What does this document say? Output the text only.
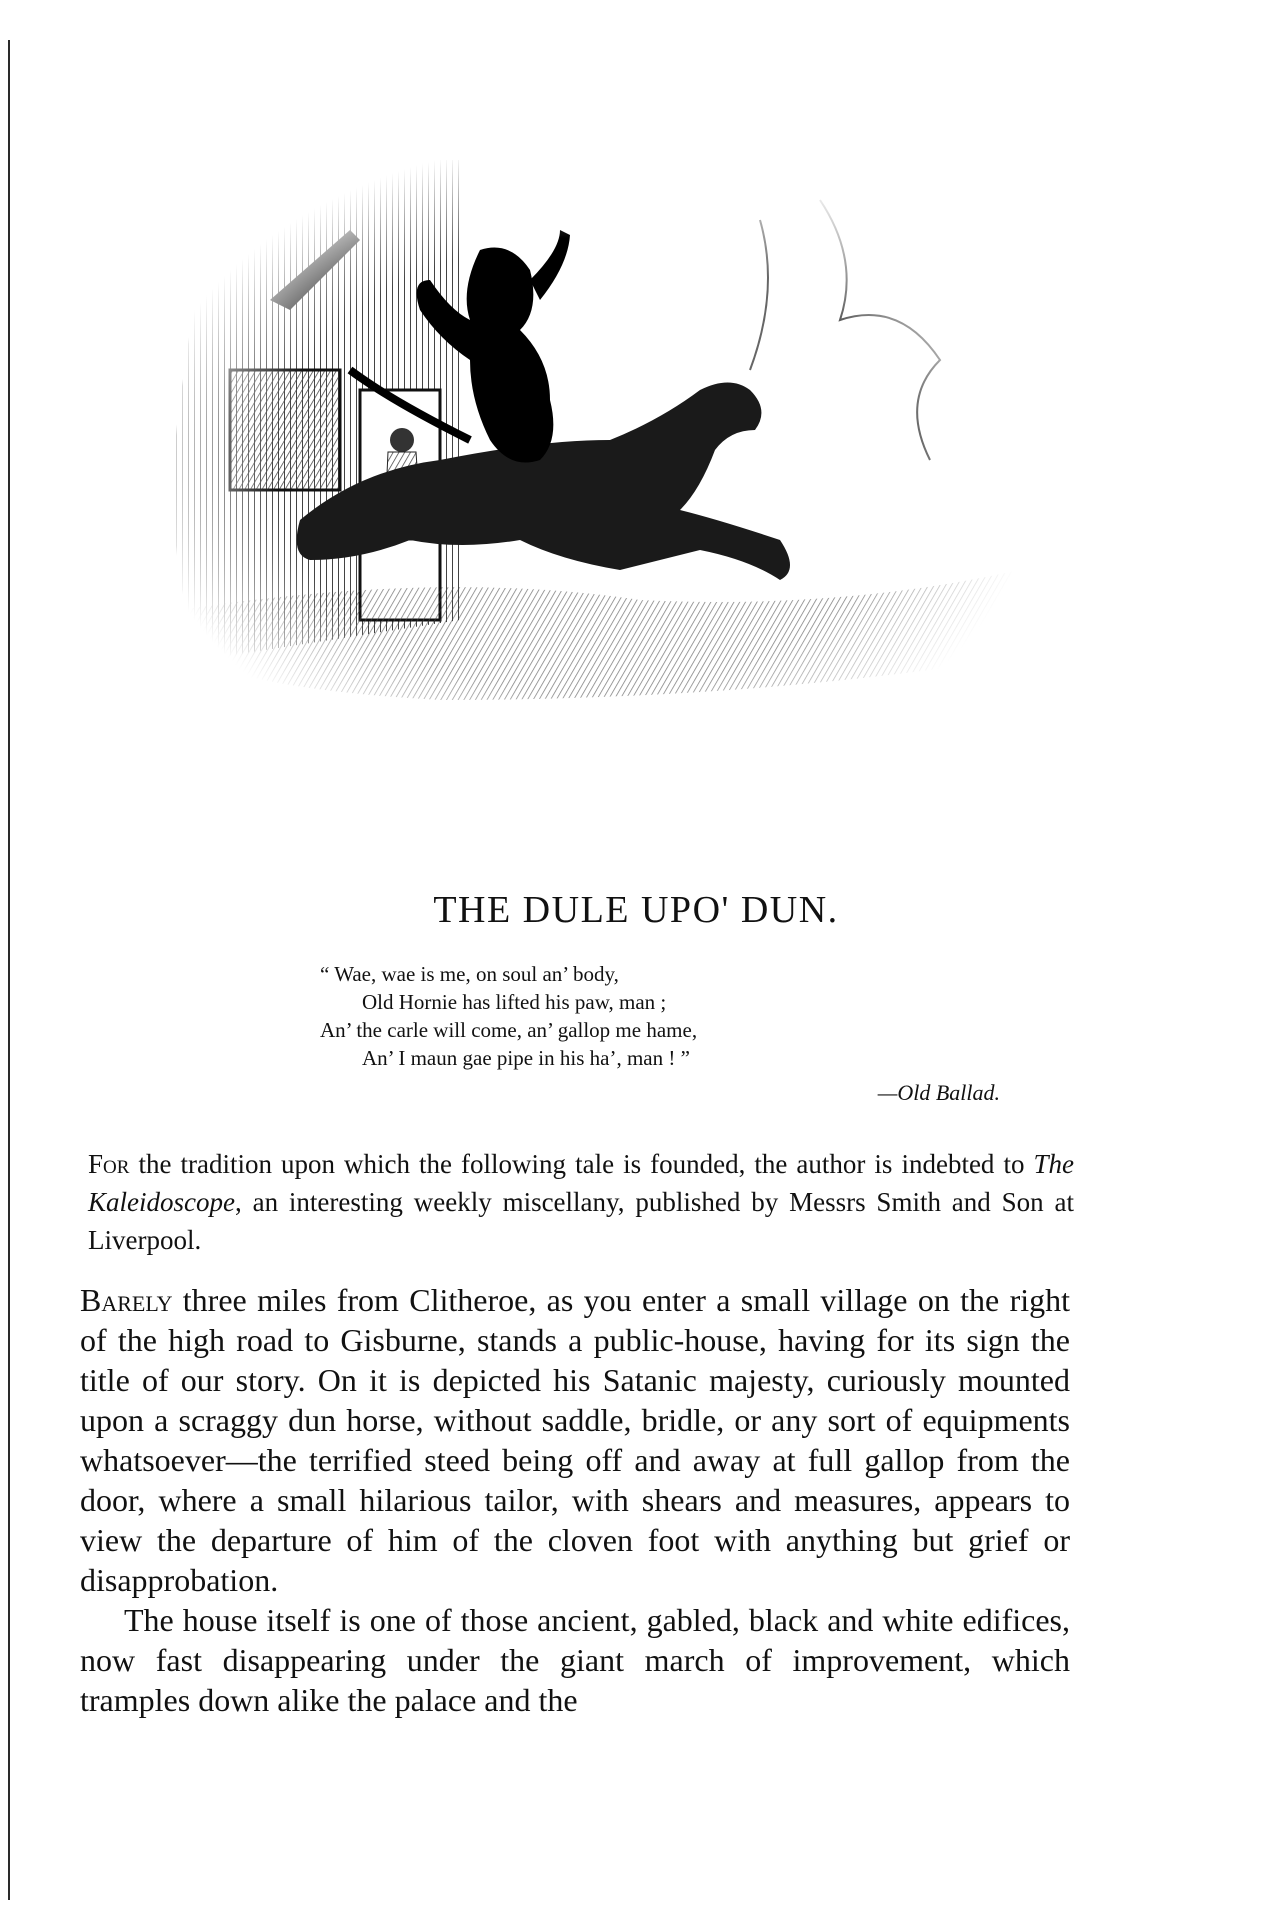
THE DULE UPO' DUN.
“ Wae, wae is me, on soul an’ body,
Old Hornie has lifted his paw, man ;
An’ the carle will come, an’ gallop me hame,
An’ I maun gae pipe in his ha’, man ! ”
—Old Ballad.

For the tradition upon which the following tale is founded, the author is indebted to The Kaleidoscope, an interesting weekly miscellany, published by Messrs Smith and Son at Liverpool.

Barely three miles from Clitheroe, as you enter a small village on the right of the high road to Gisburne, stands a public-house, having for its sign the title of our story. On it is depicted his Satanic majesty, curiously mounted upon a scraggy dun horse, without saddle, bridle, or any sort of equipments whatsoever—the terrified steed being off and away at full gallop from the door, where a small hilarious tailor, with shears and measures, appears to view the departure of him of the cloven foot with anything but grief or disapprobation.

The house itself is one of those ancient, gabled, black and white edifices, now fast disappearing under the giant march of improvement, which tramples down alike the palace and the
